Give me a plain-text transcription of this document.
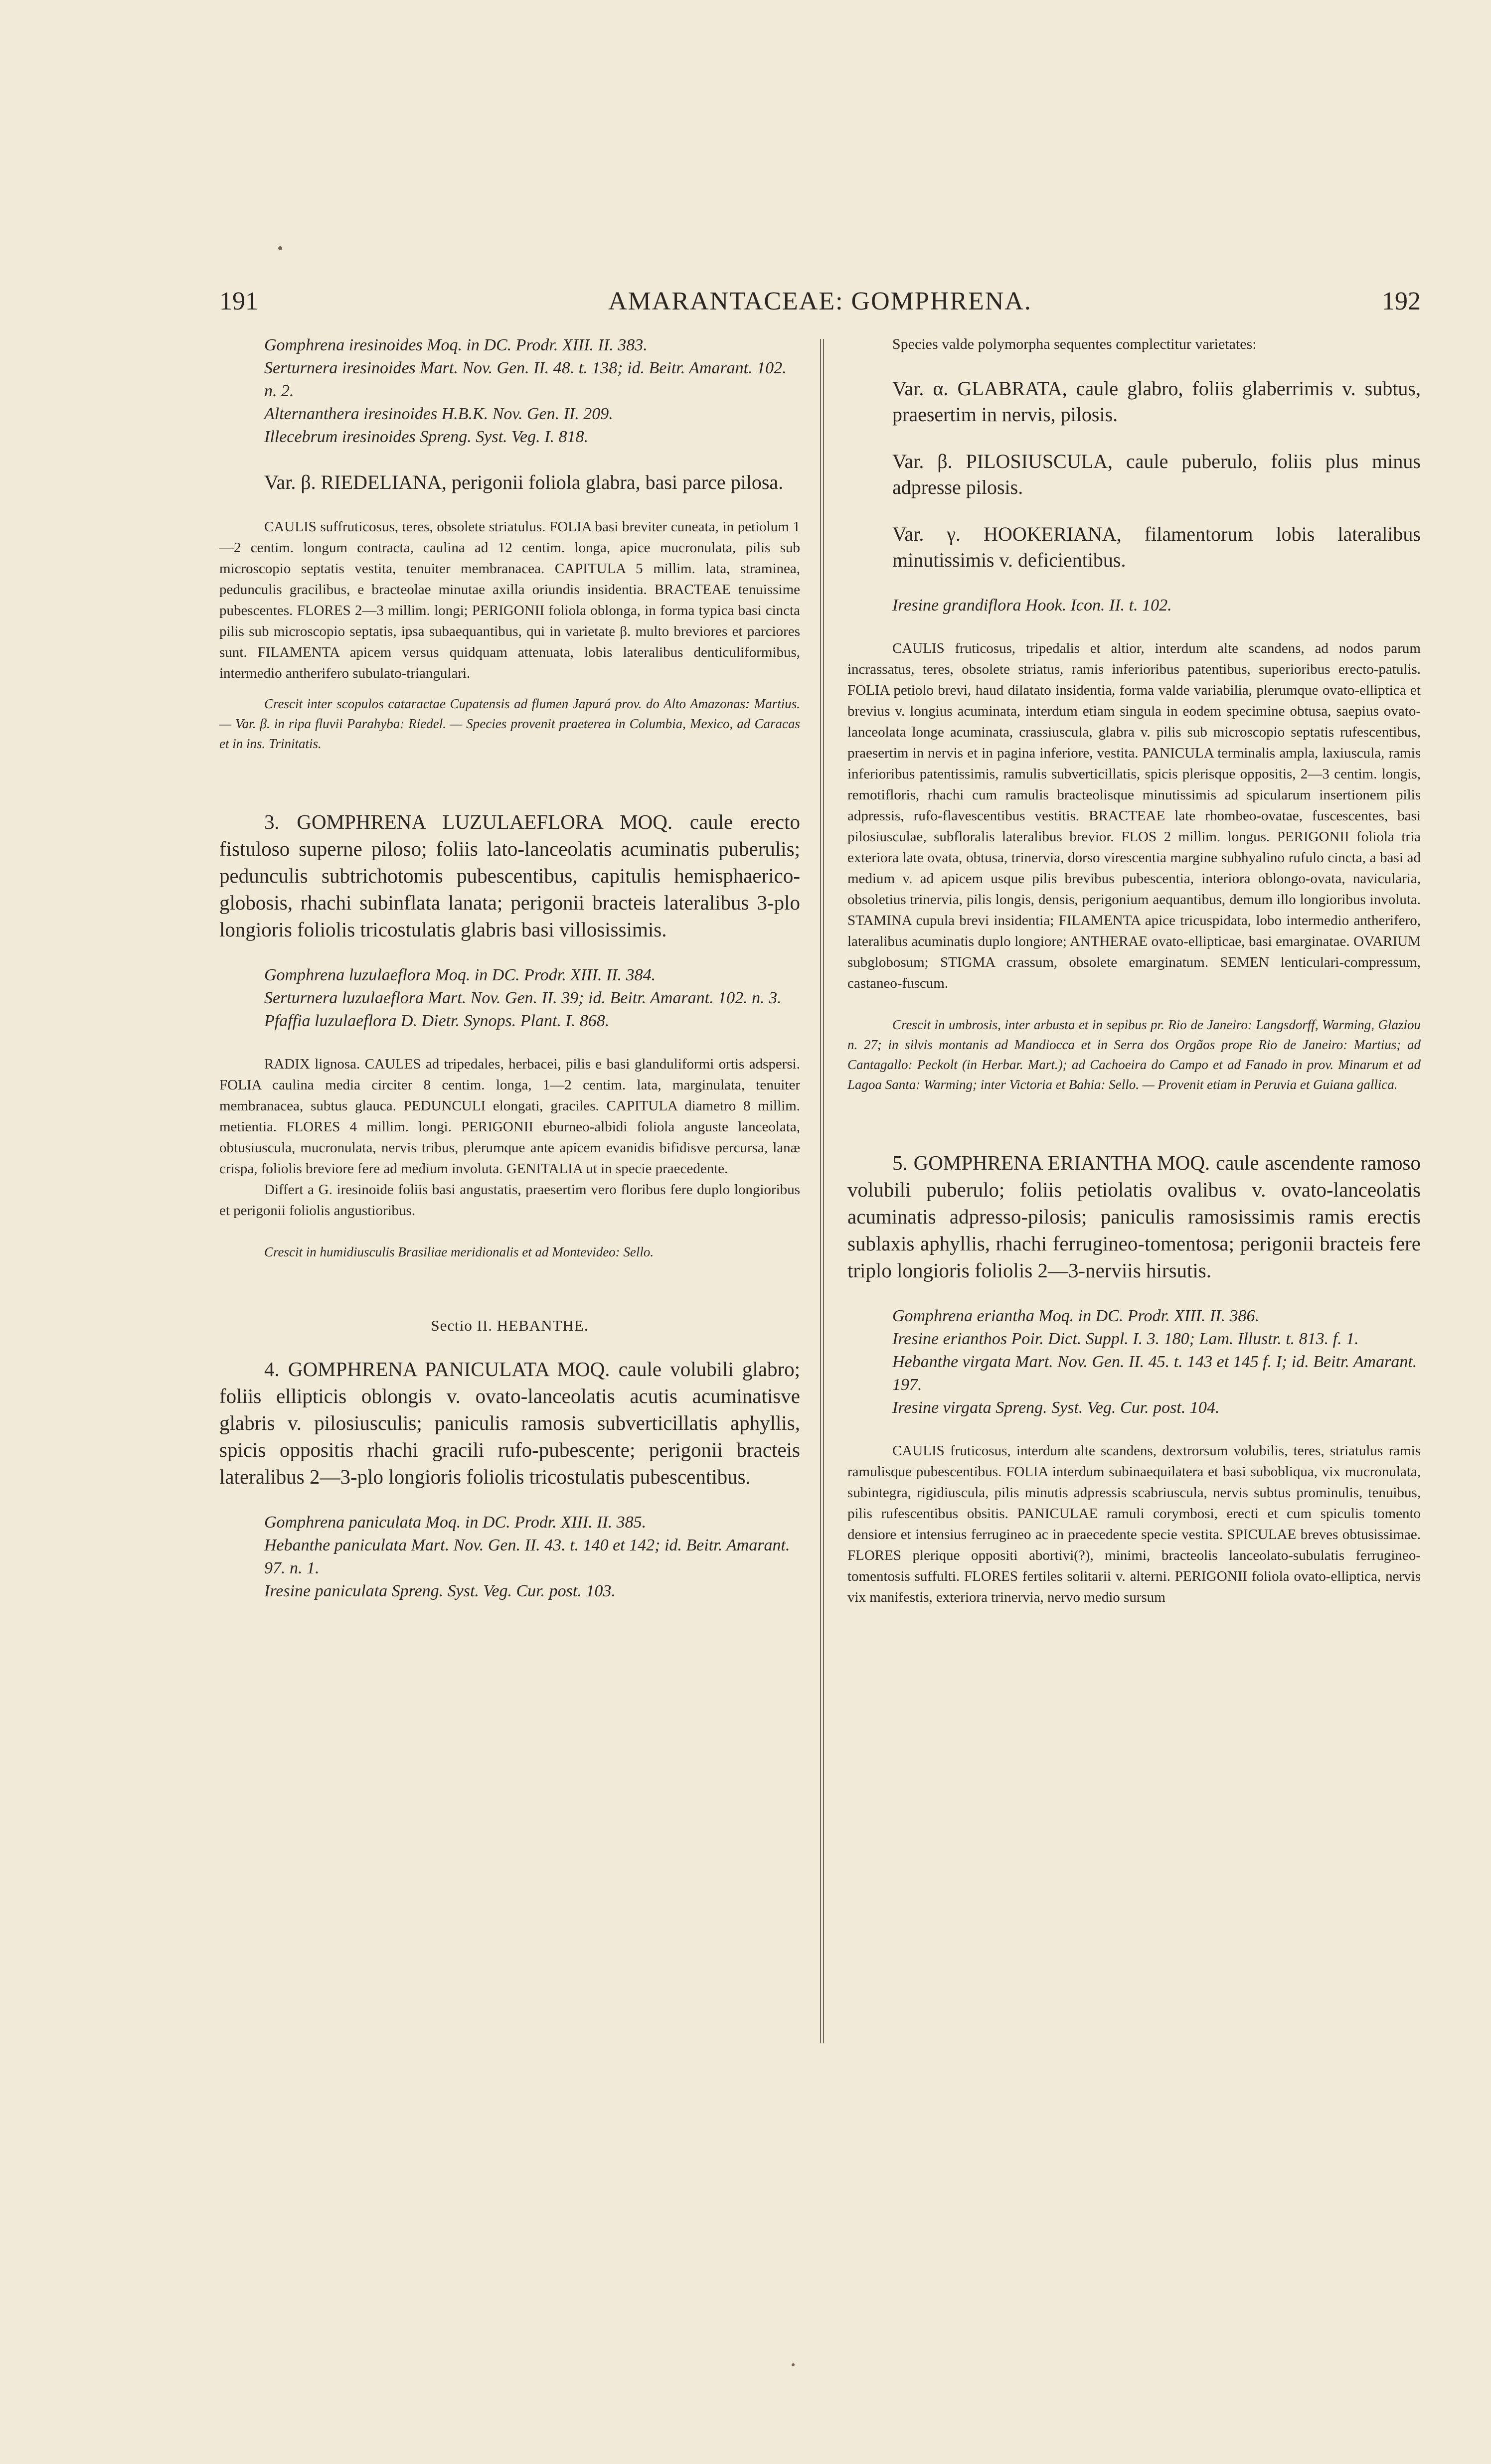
191	AMARANTACEAE: GOMPHRENA.	192
Gomphrena iresinoides Moq. in DC. Prodr. XIII. II. 383.
Serturnera iresinoides Mart. Nov. Gen. II. 48. t. 138; id. Beitr. Amarant. 102. n. 2.
Alternanthera iresinoides H.B.K. Nov. Gen. II. 209.
Illecebrum iresinoides Spreng. Syst. Veg. I. 818.

Var. β. RIEDELIANA, perigonii foliola glabra, basi parce pilosa.

CAULIS suffruticosus, teres, obsolete striatulus. FOLIA basi breviter cuneata, in petiolum 1—2 centim. longum contracta, caulina ad 12 centim. longa, apice mucronulata, pilis sub microscopio septatis vestita, tenuiter membranacea. CAPITULA 5 millim. lata, straminea, pedunculis gracilibus, e bracteolae minutae axilla oriundis insidentia. BRACTEAE tenuissime pubescentes. FLORES 2—3 millim. longi; PERIGONII foliola oblonga, in forma typica basi cincta pilis sub microscopio septatis, ipsa subaequantibus, qui in varietate β. multo breviores et parciores sunt. FILAMENTA apicem versus quidquam attenuata, lobis lateralibus denticuliformibus, intermedio antherifero subulato-triangulari.

Crescit inter scopulos cataractae Cupatensis ad flumen Japurá prov. do Alto Amazonas: Martius. — Var. β. in ripa fluvii Parahyba: Riedel. — Species provenit praeterea in Columbia, Mexico, ad Caracas et in ins. Trinitatis.

3. GOMPHRENA LUZULAEFLORA MOQ. caule erecto fistuloso superne piloso; foliis lato-lanceolatis acuminatis puberulis; pedunculis subtrichotomis pubescentibus, capitulis hemisphaerico-globosis, rhachi subinflata lanata; perigonii bracteis lateralibus 3-plo longioris foliolis tricostulatis glabris basi villosissimis.

Gomphrena luzulaeflora Moq. in DC. Prodr. XIII. II. 384.
Serturnera luzulaeflora Mart. Nov. Gen. II. 39; id. Beitr. Amarant. 102. n. 3.
Pfaffia luzulaeflora D. Dietr. Synops. Plant. I. 868.

RADIX lignosa. CAULES ad tripedales, herbacei, pilis e basi glanduliformi ortis adspersi. FOLIA caulina media circiter 8 centim. longa, 1—2 centim. lata, marginulata, tenuiter membranacea, subtus glauca. PEDUNCULI elongati, graciles. CAPITULA diametro 8 millim. metientia. FLORES 4 millim. longi. PERIGONII eburneo-albidi foliola anguste lanceolata, obtusiuscula, mucronulata, nervis tribus, plerumque ante apicem evanidis bifidisve percursa, lanæ crispa, foliolis breviore fere ad medium involuta. GENITALIA ut in specie praecedente.

Differt a G. iresinoide foliis basi angustatis, praesertim vero floribus fere duplo longioribus et perigonii foliolis angustioribus.

Crescit in humidiusculis Brasiliae meridionalis et ad Montevideo: Sello.

Sectio II. HEBANTHE.

4. GOMPHRENA PANICULATA MOQ. caule volubili glabro; foliis ellipticis oblongis v. ovato-lanceolatis acutis acuminatisve glabris v. pilosiusculis; paniculis ramosis subverticillatis aphyllis, spicis oppositis rhachi gracili rufo-pubescente; perigonii bracteis lateralibus 2—3-plo longioris foliolis tricostulatis pubescentibus.

Gomphrena paniculata Moq. in DC. Prodr. XIII. II. 385.
Hebanthe paniculata Mart. Nov. Gen. II. 43. t. 140 et 142; id. Beitr. Amarant. 97. n. 1.
Iresine paniculata Spreng. Syst. Veg. Cur. post. 103.

Species valde polymorpha sequentes complectitur varietates:

Var. α. GLABRATA, caule glabro, foliis glaberrimis v. subtus, praesertim in nervis, pilosis.

Var. β. PILOSIUSCULA, caule puberulo, foliis plus minus adpresse pilosis.

Var. γ. HOOKERIANA, filamentorum lobis lateralibus minutissimis v. deficientibus.

Iresine grandiflora Hook. Icon. II. t. 102.

CAULIS fruticosus, tripedalis et altior, interdum alte scandens, ad nodos parum incrassatus, teres, obsolete striatus, ramis inferioribus patentibus, superioribus erecto-patulis. FOLIA petiolo brevi, haud dilatato insidentia, forma valde variabilia, plerumque ovato-elliptica et brevius v. longius acuminata, interdum etiam singula in eodem specimine obtusa, saepius ovato-lanceolata longe acuminata, crassiuscula, glabra v. pilis sub microscopio septatis rufescentibus, praesertim in nervis et in pagina inferiore, vestita. PANICULA terminalis ampla, laxiuscula, ramis inferioribus patentissimis, ramulis subverticillatis, spicis plerisque oppositis, 2—3 centim. longis, remotifloris, rhachi cum ramulis bracteolisque minutissimis ad spicularum insertionem pilis adpressis, rufo-flavescentibus vestitis. BRACTEAE late rhombeo-ovatae, fuscescentes, basi pilosiusculae, subfloralis lateralibus brevior. FLOS 2 millim. longus. PERIGONII foliola tria exteriora late ovata, obtusa, trinervia, dorso virescentia margine subhyalino rufulo cincta, a basi ad medium v. ad apicem usque pilis brevibus pubescentia, interiora oblongo-ovata, navicularia, obsoletius trinervia, pilis longis, densis, perigonium aequantibus, demum illo longioribus involuta. STAMINA cupula brevi insidentia; FILAMENTA apice tricuspidata, lobo intermedio antherifero, lateralibus acuminatis duplo longiore; ANTHERAE ovato-ellipticae, basi emarginatae. OVARIUM subglobosum; STIGMA crassum, obsolete emarginatum. SEMEN lenticulari-compressum, castaneo-fuscum.

Crescit in umbrosis, inter arbusta et in sepibus pr. Rio de Janeiro: Langsdorff, Warming, Glaziou n. 27; in silvis montanis ad Mandiocca et in Serra dos Orgãos prope Rio de Janeiro: Martius; ad Cantagallo: Peckolt (in Herbar. Mart.); ad Cachoeira do Campo et ad Fanado in prov. Minarum et ad Lagoa Santa: Warming; inter Victoria et Bahia: Sello. — Provenit etiam in Peruvia et Guiana gallica.

5. GOMPHRENA ERIANTHA MOQ. caule ascendente ramoso volubili puberulo; foliis petiolatis ovalibus v. ovato-lanceolatis acuminatis adpresso-pilosis; paniculis ramosissimis ramis erectis sublaxis aphyllis, rhachi ferrugineo-tomentosa; perigonii bracteis fere triplo longioris foliolis 2—3-nerviis hirsutis.

Gomphrena eriantha Moq. in DC. Prodr. XIII. II. 386.
Iresine erianthos Poir. Dict. Suppl. I. 3. 180; Lam. Illustr. t. 813. f. 1.
Hebanthe virgata Mart. Nov. Gen. II. 45. t. 143 et 145 f. I; id. Beitr. Amarant. 197.
Iresine virgata Spreng. Syst. Veg. Cur. post. 104.

CAULIS fruticosus, interdum alte scandens, dextrorsum volubilis, teres, striatulus ramis ramulisque pubescentibus. FOLIA interdum subinaequilatera et basi subobliqua, vix mucronulata, subintegra, rigidiuscula, pilis minutis adpressis scabriuscula, nervis subtus prominulis, tenuibus, pilis rufescentibus obsitis. PANICULAE ramuli corymbosi, erecti et cum spiculis tomento densiore et intensius ferrugineo ac in praecedente specie vestita. SPICULAE breves obtusissimae. FLORES plerique oppositi abortivi(?), minimi, bracteolis lanceolato-subulatis ferrugineo-tomentosis suffulti. FLORES fertiles solitarii v. alterni. PERIGONII foliola ovato-elliptica, nervis vix manifestis, exteriora trinervia, nervo medio sursum
